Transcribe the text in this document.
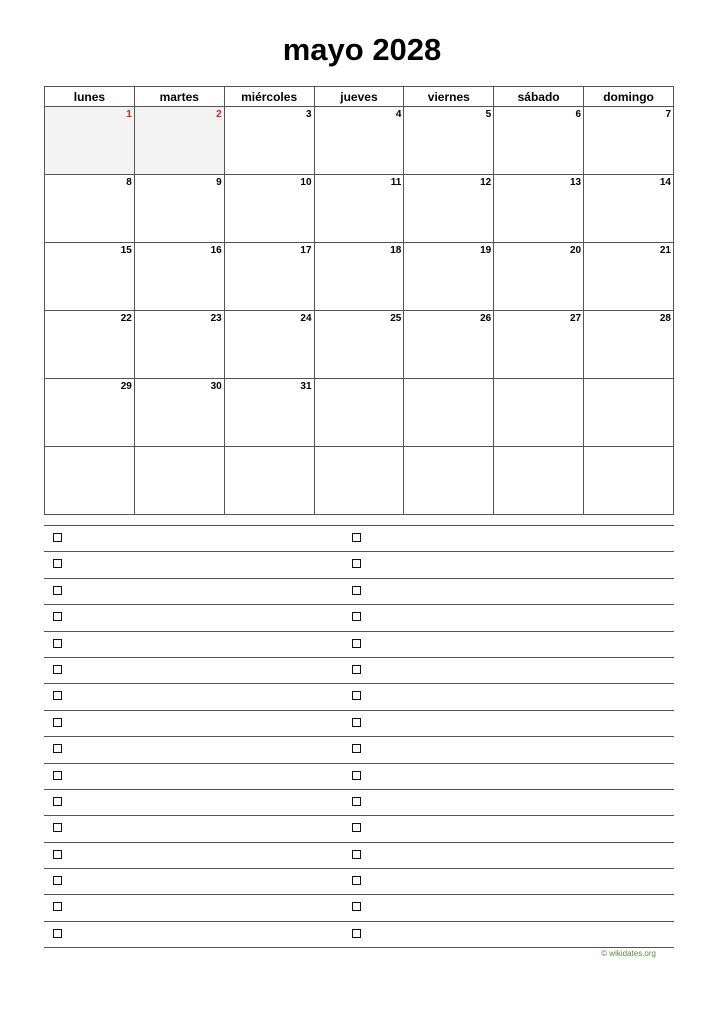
mayo 2028
lunes	martes	miércoles	jueves	viernes	sábado	domingo

1	2	3	4	5	6	7

8	9	10	11	12	13	14

15	16	17	18	19	20	21

22	23	24	25	26	27	28

29	30	31				

© wikidates.org
